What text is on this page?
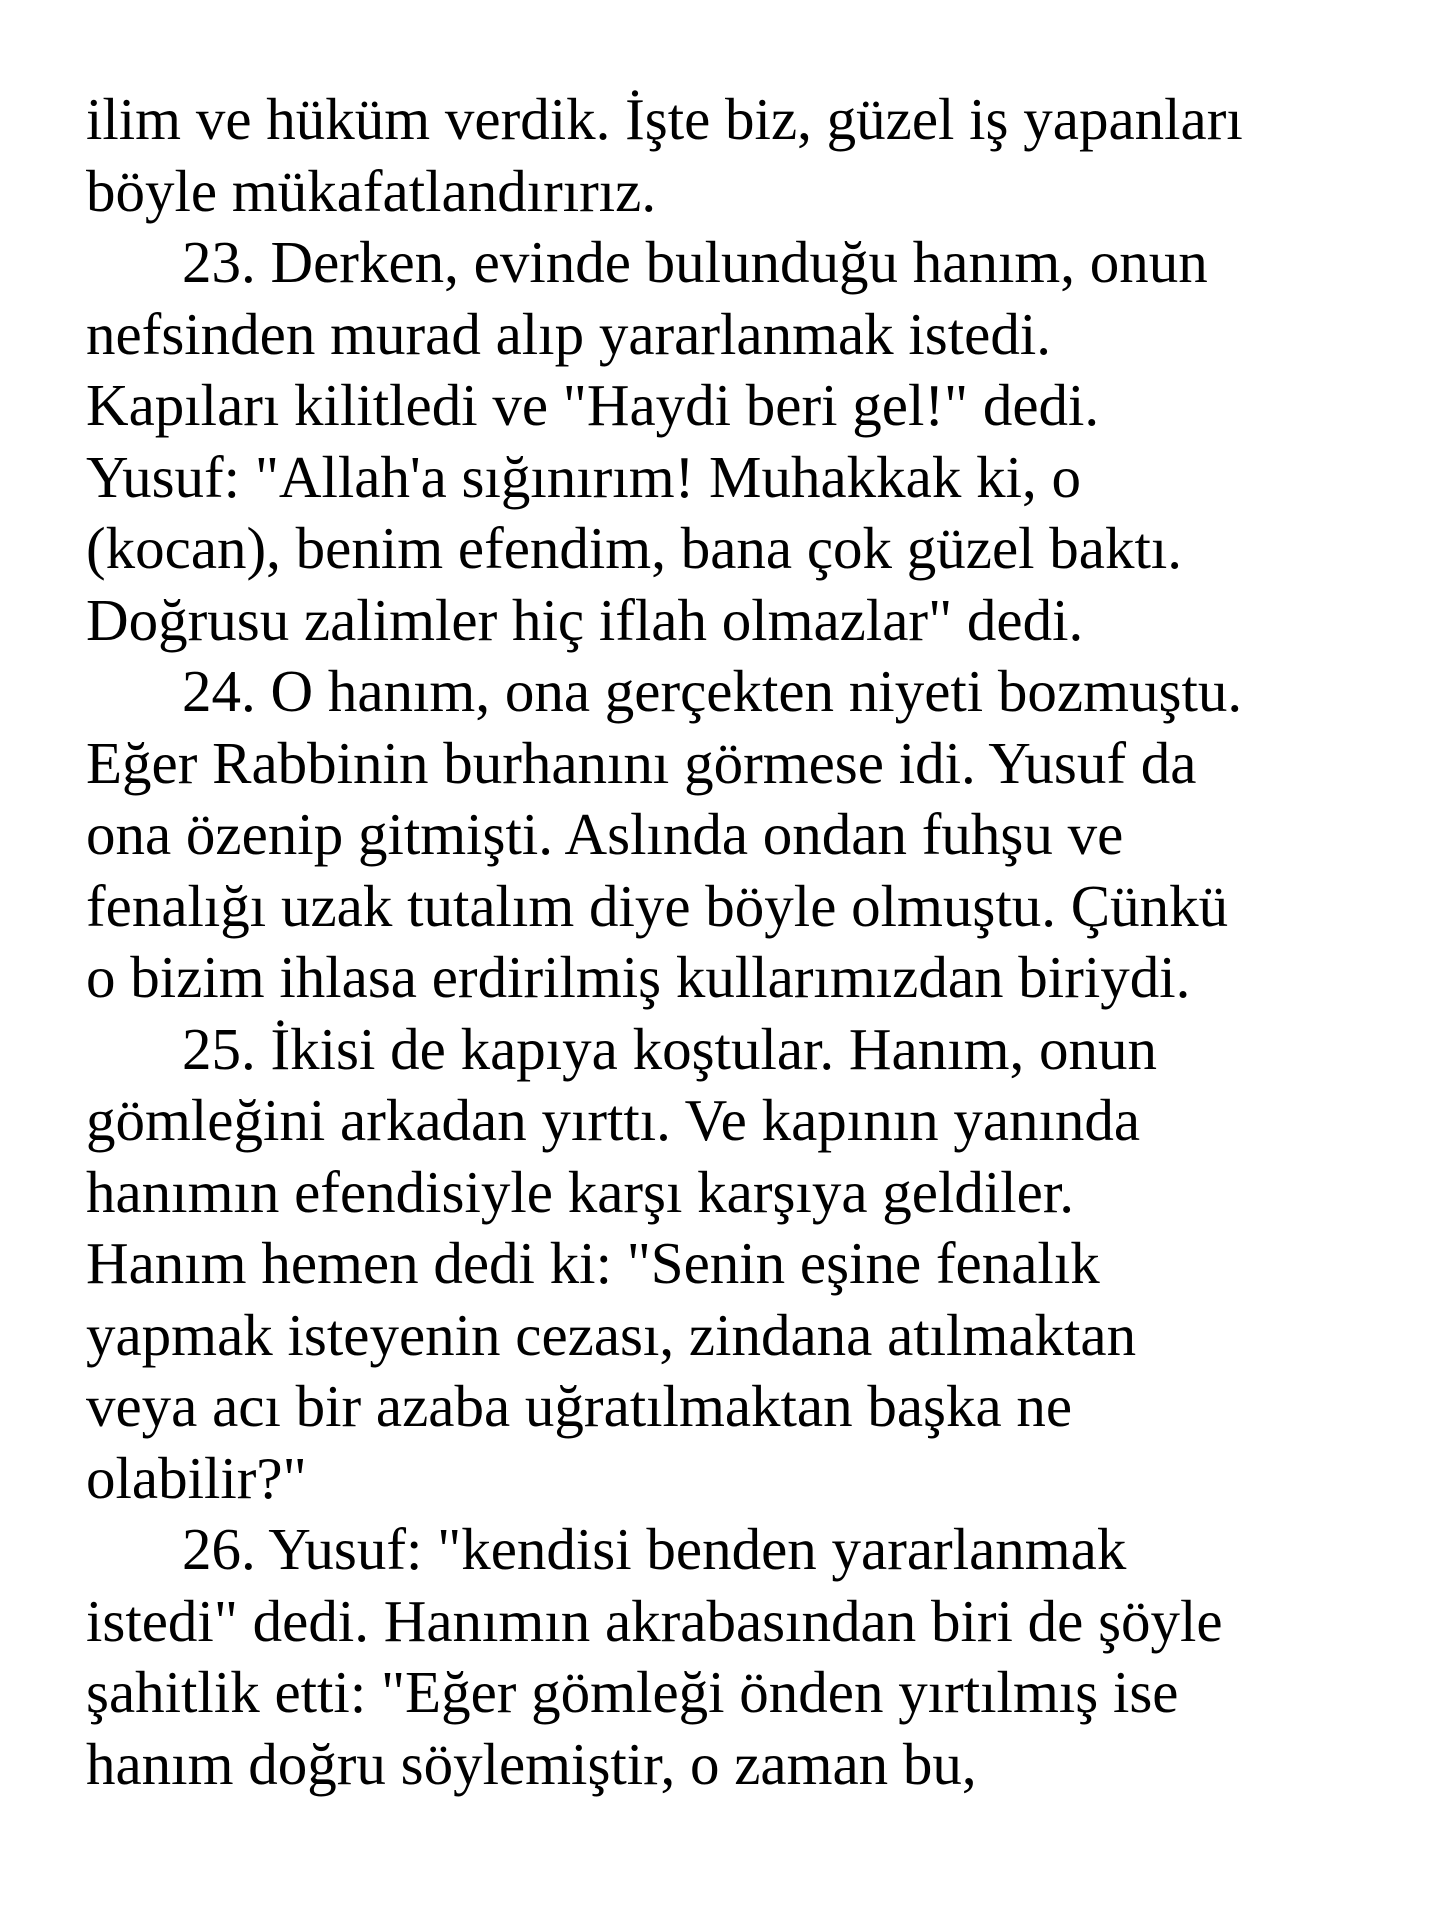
ilim ve hüküm verdik. İşte biz, güzel iş yapanları
böyle mükafatlandırırız.
23. Derken, evinde bulunduğu hanım, onun
nefsinden murad alıp yararlanmak istedi.
Kapıları kilitledi ve "Haydi beri gel!" dedi.
Yusuf: "Allah'a sığınırım! Muhakkak ki, o
(kocan), benim efendim, bana çok güzel baktı.
Doğrusu zalimler hiç iflah olmazlar" dedi.
24. O hanım, ona gerçekten niyeti bozmuştu.
Eğer Rabbinin burhanını görmese idi. Yusuf da
ona özenip gitmişti. Aslında ondan fuhşu ve
fenalığı uzak tutalım diye böyle olmuştu. Çünkü
o bizim ihlasa erdirilmiş kullarımızdan biriydi.
25. İkisi de kapıya koştular. Hanım, onun
gömleğini arkadan yırttı. Ve kapının yanında
hanımın efendisiyle karşı karşıya geldiler.
Hanım hemen dedi ki: "Senin eşine fenalık
yapmak isteyenin cezası, zindana atılmaktan
veya acı bir azaba uğratılmaktan başka ne
olabilir?"
26. Yusuf: "kendisi benden yararlanmak
istedi" dedi. Hanımın akrabasından biri de şöyle
şahitlik etti: "Eğer gömleği önden yırtılmış ise
hanım doğru söylemiştir, o zaman bu,
